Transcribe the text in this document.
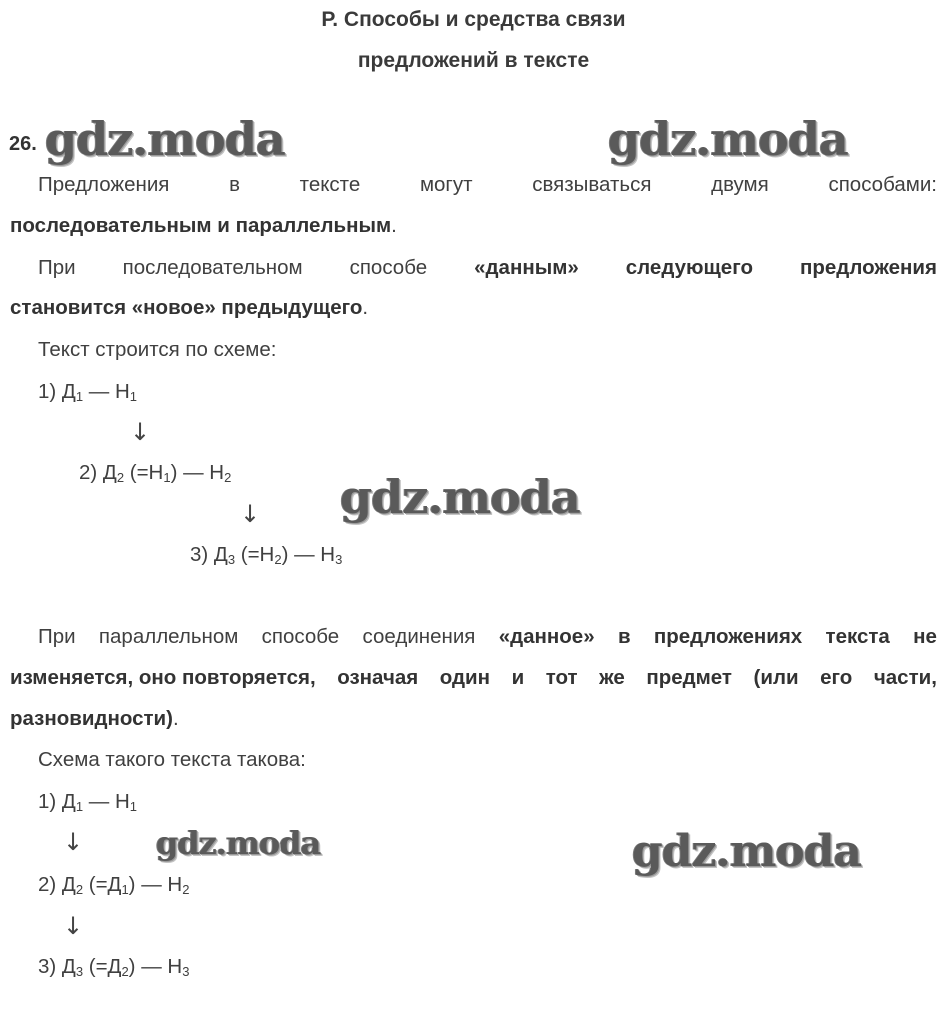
Р. Способы и средства связи
предложений в тексте
26. gdz.moda	gdz.moda
Предложения	в	тексте	могут	связываться	двумя	способами:
последовательным и параллельным.
При последовательном способе «данным» следующего предложения
становится «новое» предыдущего.
Текст строится по схеме:
1) $Д_1$ — $Н_1$
↓
2) $Д_2$ $(=Н_1)$ — $Н_2$
↓ gdz.moda
3) $Д_3$ $(=Н_2)$ — $Н_3$
При параллельном способе соединения «данное» в предложениях текста не
изменяется, оно повторяется, означая один и тот же предмет (или его части,
разновидности).
Схема такого текста такова:
1) $Д_1$ — $Н_1$
↓ gdz.moda	gdz.moda
2) $Д_2$ $(=Д_1)$ — $Н_2$
↓
3) $Д_3$ $(=Д_2)$ — $Н_3$
